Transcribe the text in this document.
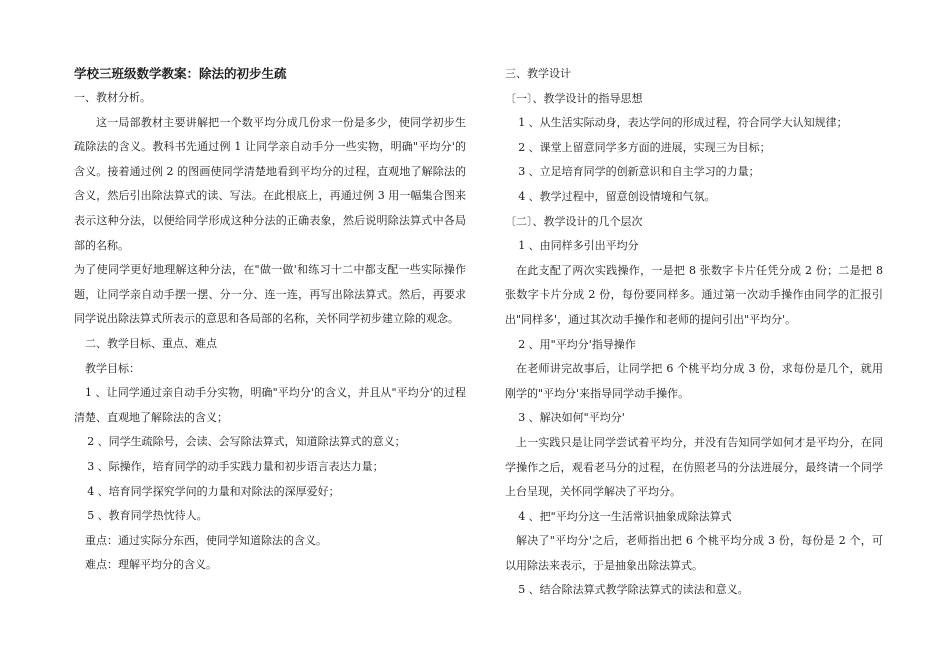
学校三班级数学教案：除法的初步生疏

一、教材分析。

这一局部教材主要讲解把一个数平均分成几份求一份是多少，使同学初步生疏除法的含义。教科书先通过例 1 让同学亲自动手分一些实物，明确"平均分'的含义。接着通过例 2 的图画使同学清楚地看到平均分的过程，直观地了解除法的含义，然后引出除法算式的读、写法。在此根底上，再通过例 3 用一幅集合图来表示这种分法，以便给同学形成这种分法的正确表象，然后说明除法算式中各局部的名称。

为了使同学更好地理解这种分法，在"做一做'和练习十二中都支配一些实际操作题，让同学亲自动手摆一摆、分一分、连一连，再写出除法算式。然后，再要求同学说出除法算式所表示的意思和各局部的名称，关怀同学初步建立除的观念。

二、教学目标、重点、难点

教学目标：

1 、让同学通过亲自动手分实物，明确"平均分'的含义，并且从"平均分'的过程清楚、直观地了解除法的含义；

2 、同学生疏除号，会读、会写除法算式，知道除法算式的意义；

3 、际操作，培育同学的动手实践力量和初步语言表达力量；

4 、培育同学探究学问的力量和对除法的深厚爱好；

5 、教育同学热忱待人。

重点：通过实际分东西，使同学知道除法的含义。

难点：理解平均分的含义。

三、教学设计

〔一〕、教学设计的指导思想

1 、从生活实际动身，表达学问的形成过程，符合同学大认知规律；

2 、课堂上留意同学多方面的进展，实现三为目标；

3 、立足培育同学的创新意识和自主学习的力量；

4 、教学过程中，留意创设情境和气氛。

〔二〕、教学设计的几个层次

1 、由同样多引出平均分

在此支配了两次实践操作，一是把 8 张数字卡片任凭分成 2 份；二是把 8 张数字卡片分成 2 份，每份要同样多。通过第一次动手操作由同学的汇报引出"同样多'，通过其次动手操作和老师的提问引出"平均分'。

2 、用"平均分'指导操作

在老师讲完故事后，让同学把 6 个桃平均分成 3 份，求每份是几个，就用刚学的"平均分'来指导同学动手操作。

3 、解决如何"平均分'

上一实践只是让同学尝试着平均分，并没有告知同学如何才是平均分，在同学操作之后，观看老马分的过程，在仿照老马的分法进展分，最终请一个同学上台呈现，关怀同学解决了平均分。

4 、把"平均分这一生活常识抽象成除法算式

解决了"平均分'之后，老师指出把 6 个桃平均分成 3 份，每份是 2 个，可以用除法来表示，于是抽象出除法算式。

5 、结合除法算式教学除法算式的读法和意义。
